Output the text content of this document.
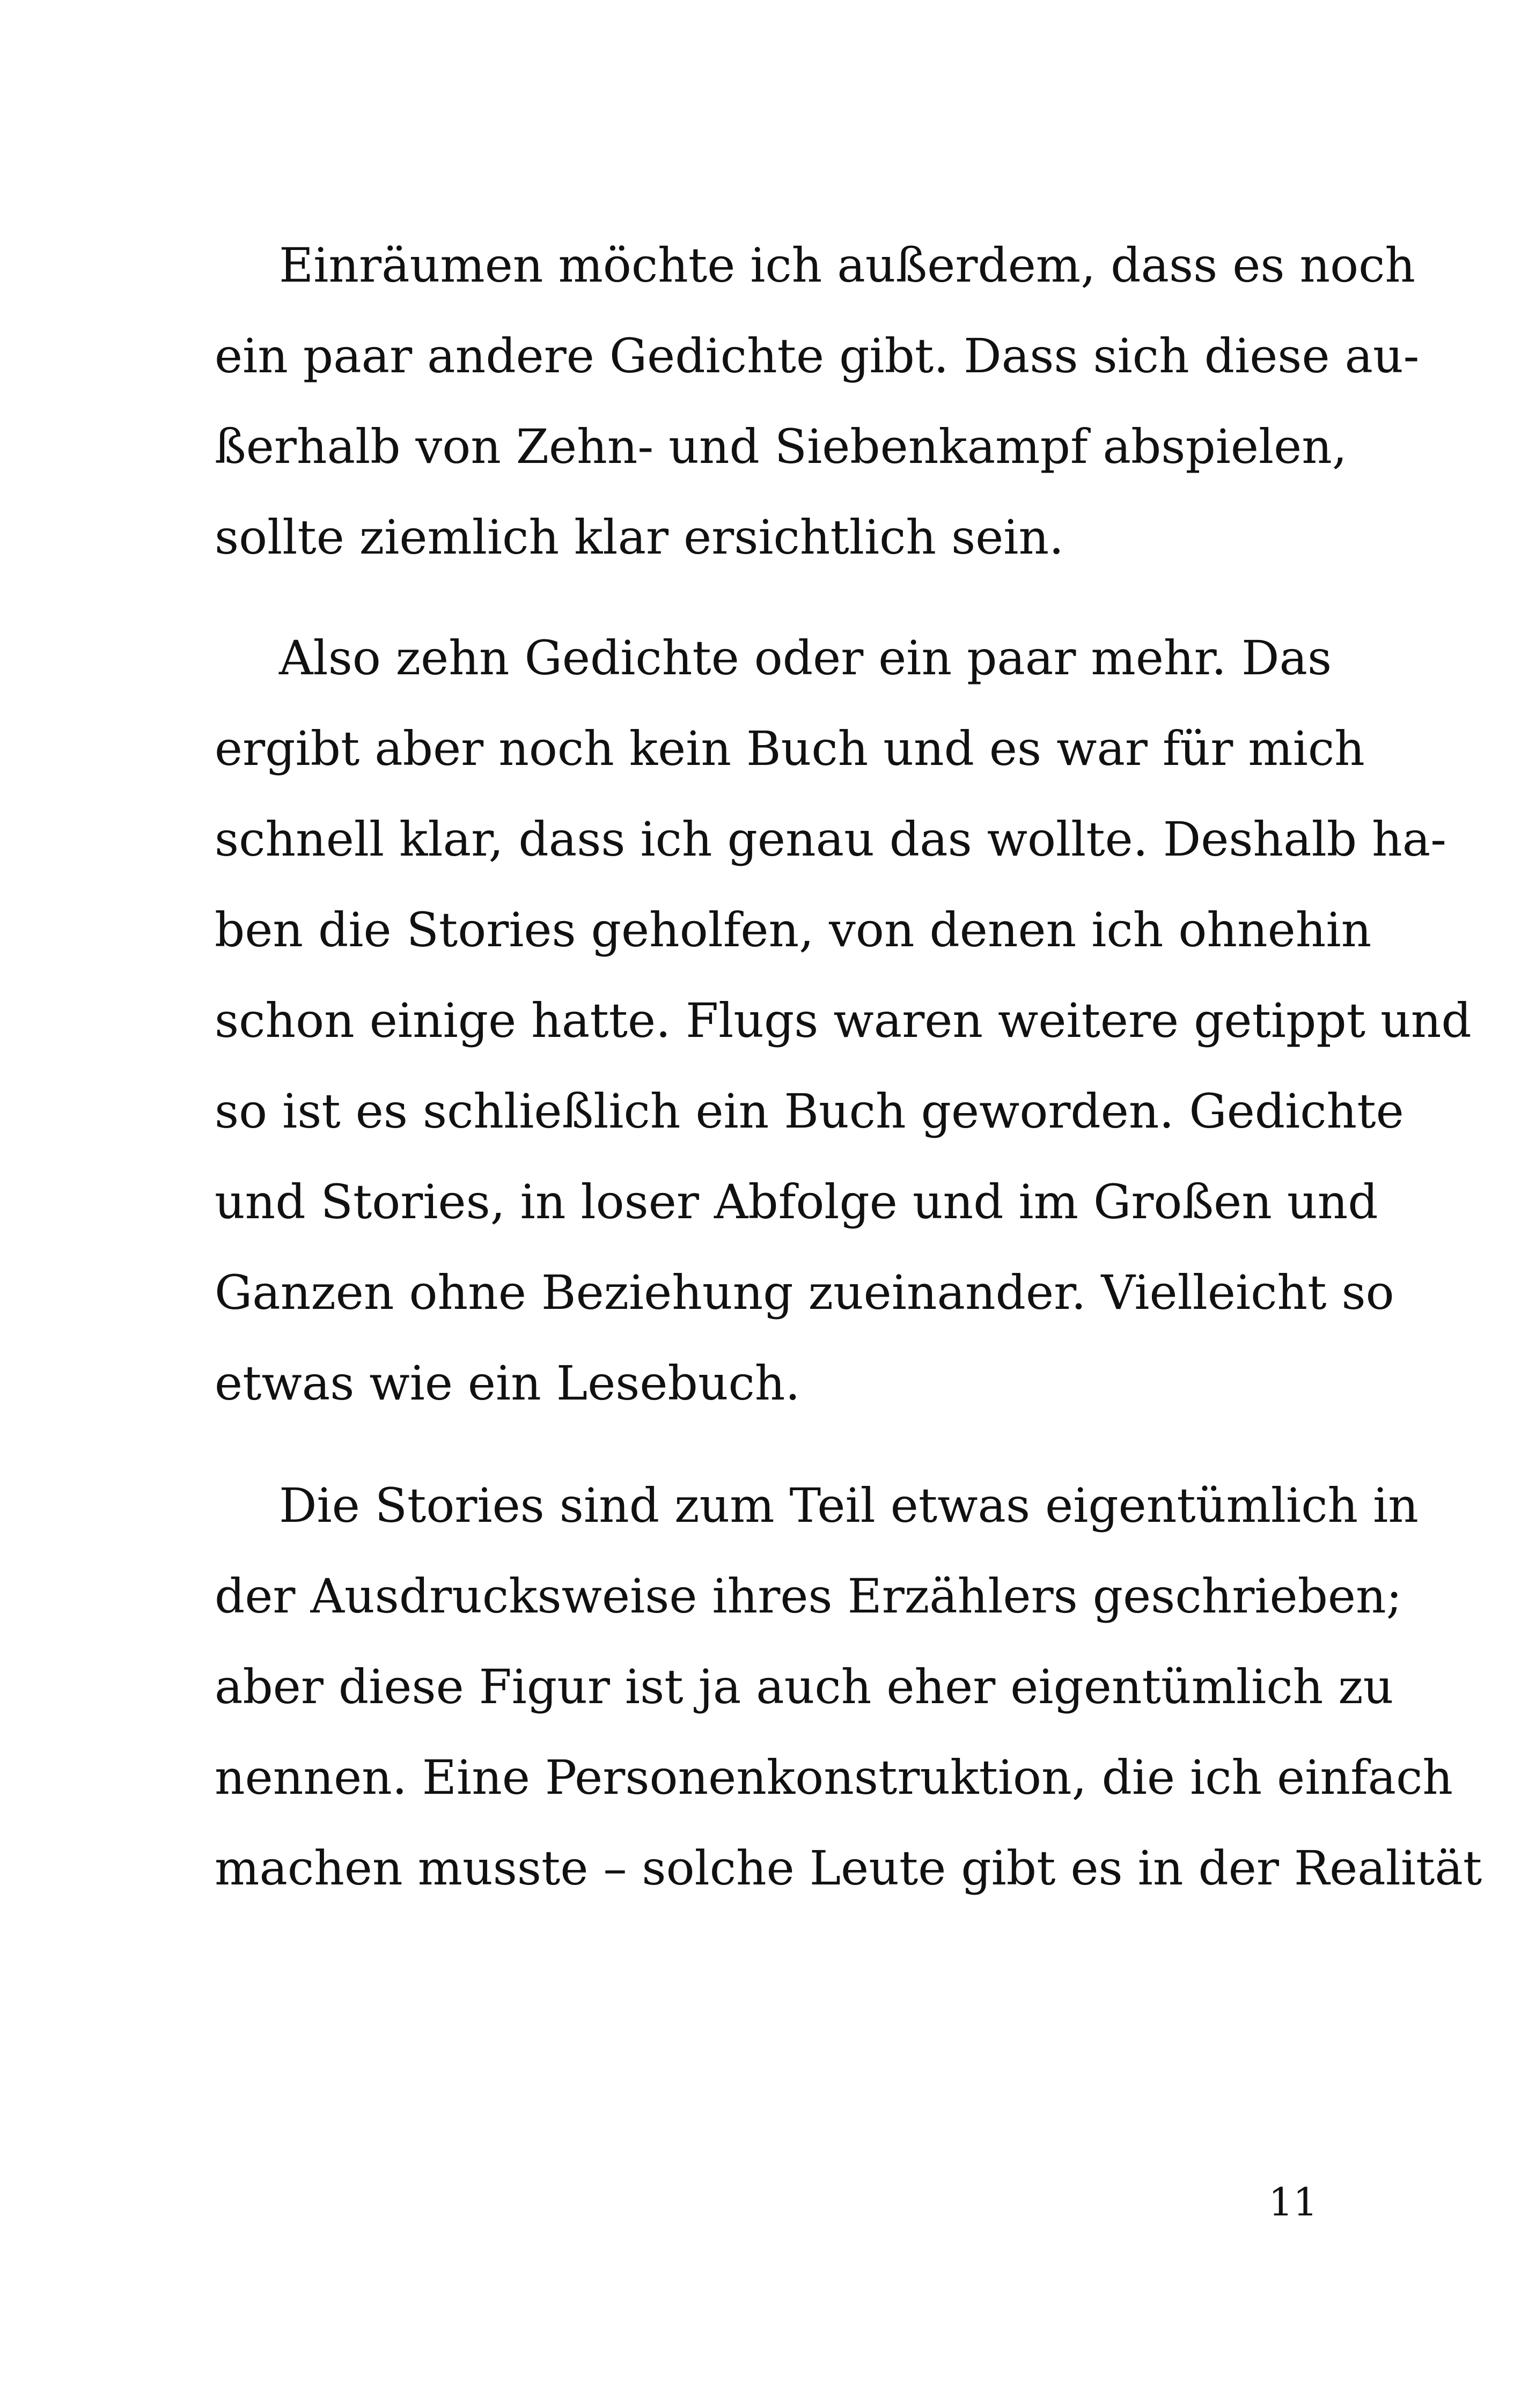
Einräumen möchte ich außerdem, dass es noch
ein paar andere Gedichte gibt. Dass sich diese au-
ßerhalb von Zehn- und Siebenkampf abspielen,
sollte ziemlich klar ersichtlich sein.
Also zehn Gedichte oder ein paar mehr. Das
ergibt aber noch kein Buch und es war für mich
schnell klar, dass ich genau das wollte. Deshalb ha-
ben die Stories geholfen, von denen ich ohnehin
schon einige hatte. Flugs waren weitere getippt und
so ist es schließlich ein Buch geworden. Gedichte
und Stories, in loser Abfolge und im Großen und
Ganzen ohne Beziehung zueinander. Vielleicht so
etwas wie ein Lesebuch.
Die Stories sind zum Teil etwas eigentümlich in
der Ausdrucksweise ihres Erzählers geschrieben;
aber diese Figur ist ja auch eher eigentümlich zu
nennen. Eine Personenkonstruktion, die ich einfach
machen musste – solche Leute gibt es in der Realität
11
